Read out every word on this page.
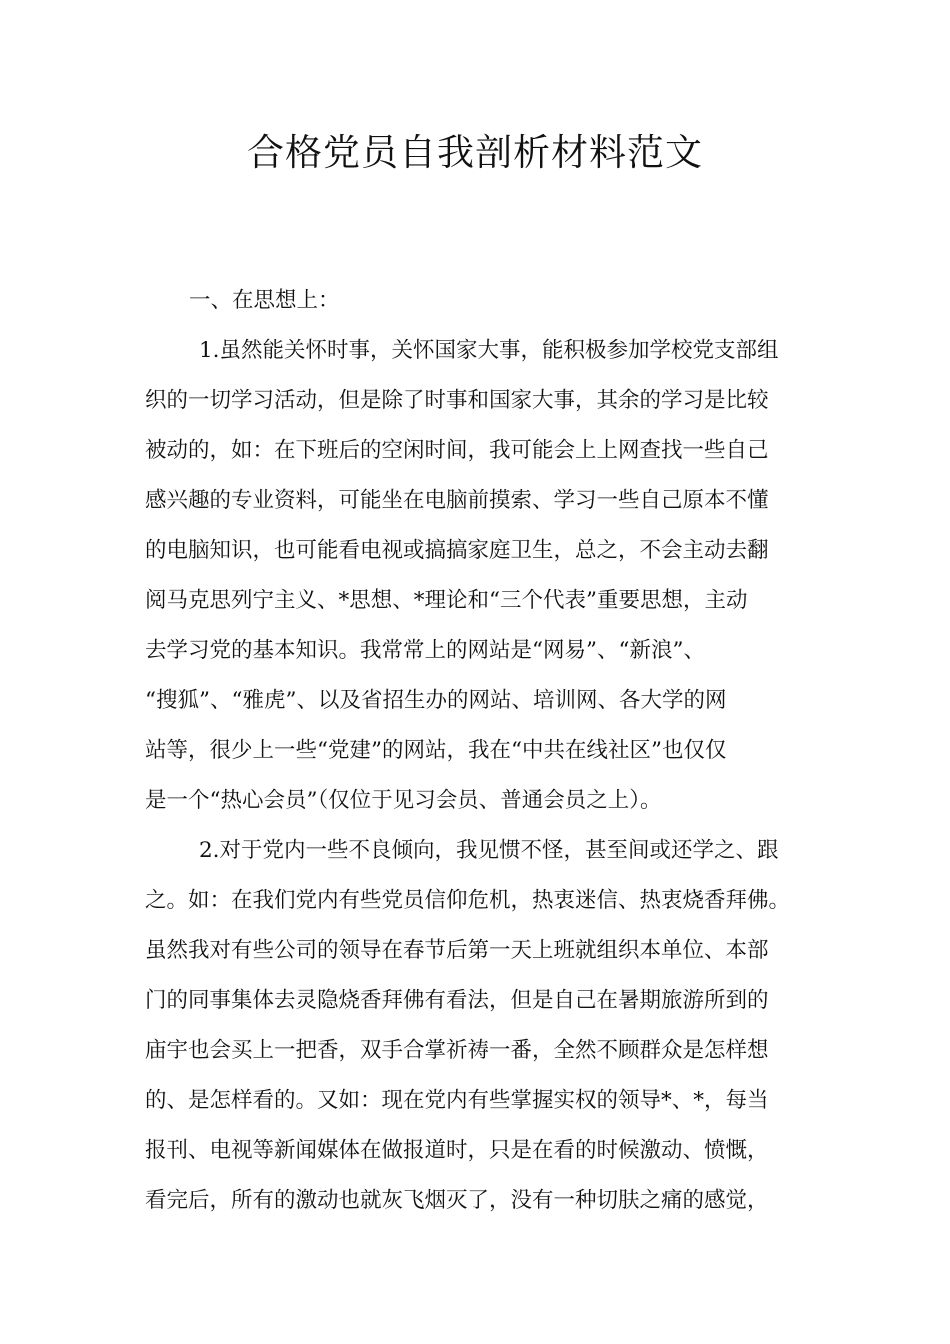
合格党员自我剖析材料范文
一、在思想上：
1.虽然能关怀时事，关怀国家大事，能积极参加学校党支部组
织的一切学习活动，但是除了时事和国家大事，其余的学习是比较
被动的，如：在下班后的空闲时间，我可能会上上网查找一些自己
感兴趣的专业资料，可能坐在电脑前摸索、学习一些自己原本不懂
的电脑知识，也可能看电视或搞搞家庭卫生，总之，不会主动去翻
阅马克思列宁主义、*思想、*理论和“三个代表”重要思想，主动
去学习党的基本知识。我常常上的网站是“网易”、“新浪”、
“搜狐”、“雅虎”、以及省招生办的网站、培训网、各大学的网
站等，很少上一些“党建”的网站，我在“中共在线社区”也仅仅
是一个“热心会员”（仅位于见习会员、普通会员之上）。
2.对于党内一些不良倾向，我见惯不怪，甚至间或还学之、跟
之。如：在我们党内有些党员信仰危机，热衷迷信、热衷烧香拜佛。
虽然我对有些公司的领导在春节后第一天上班就组织本单位、本部
门的同事集体去灵隐烧香拜佛有看法，但是自己在暑期旅游所到的
庙宇也会买上一把香，双手合掌祈祷一番，全然不顾群众是怎样想
的、是怎样看的。又如：现在党内有些掌握实权的领导*、*，每当
报刊、电视等新闻媒体在做报道时，只是在看的时候激动、愤慨，
看完后，所有的激动也就灰飞烟灭了，没有一种切肤之痛的感觉，
